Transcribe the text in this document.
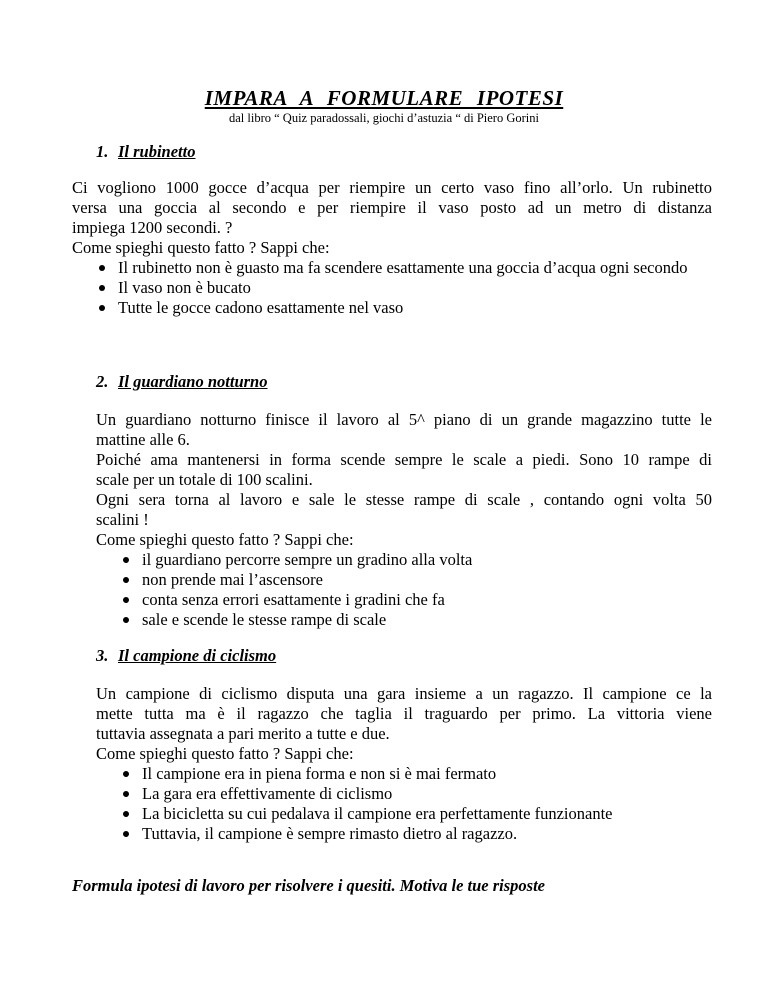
IMPARA A FORMULARE IPOTESI
dal libro “ Quiz paradossali, giochi d’astuzia “ di Piero Gorini
1. Il rubinetto

Ci vogliono 1000 gocce d’acqua per riempire un certo vaso fino all’orlo. Un rubinetto

versa una goccia al secondo e per riempire il vaso posto ad un metro di distanza

impiega 1200 secondi. ?

Come spieghi questo fatto ? Sappi che:

Il rubinetto non è guasto ma fa scendere esattamente una goccia d’acqua ogni secondo
Il vaso non è bucato
Tutte le gocce cadono esattamente nel vaso
2. Il guardiano notturno

Un guardiano notturno finisce il lavoro al 5^ piano di un grande magazzino tutte le

mattine alle 6.

Poiché ama mantenersi in forma scende sempre le scale a piedi. Sono 10 rampe di

scale per un totale di 100 scalini.

Ogni sera torna al lavoro e sale le stesse rampe di scale , contando ogni volta 50

scalini !

Come spieghi questo fatto ? Sappi che:

il guardiano percorre sempre un gradino alla volta
non prende mai l’ascensore
conta senza errori esattamente i gradini che fa
sale e scende le stesse rampe di scale
3. Il campione di ciclismo

Un campione di ciclismo disputa una gara insieme a un ragazzo. Il campione ce la

mette tutta ma è il ragazzo che taglia il traguardo per primo. La vittoria viene

tuttavia assegnata a pari merito a tutte e due.

Come spieghi questo fatto ? Sappi che:

Il campione era in piena forma e non si è mai fermato
La gara era effettivamente di ciclismo
La bicicletta su cui pedalava il campione era perfettamente funzionante
Tuttavia, il campione è sempre rimasto dietro al ragazzo.
Formula ipotesi di lavoro per risolvere i quesiti. Motiva le tue risposte
